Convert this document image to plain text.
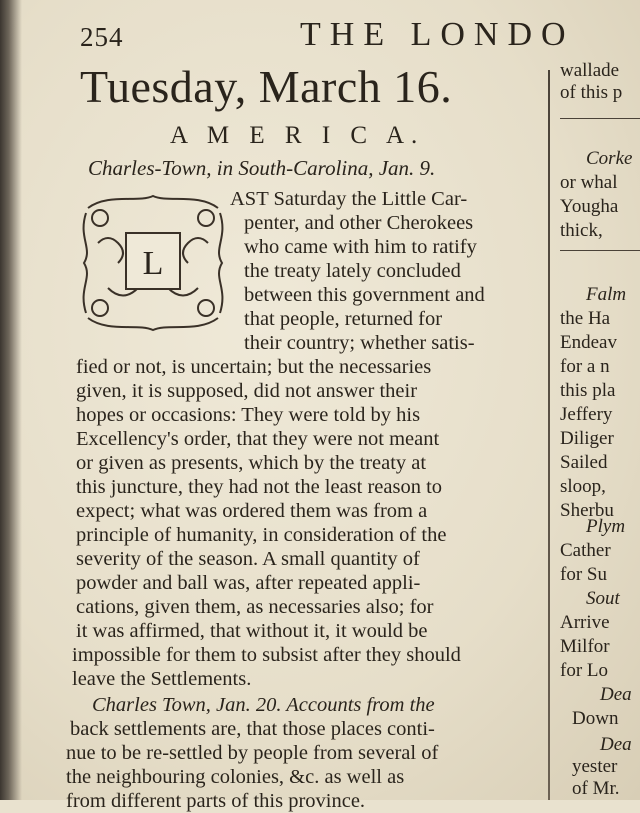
254	THE LONDO
Tuesday, March 16.
A M E R I C A.
Charles-Town, in South-Carolina, Jan. 9.
L
AST Saturday the Little Car-
penter, and other Cherokees
who came with him to ratify
the treaty lately concluded
between this government and
that people, returned for
their country; whether satis-
fied or not, is uncertain; but the necessaries
given, it is supposed, did not answer their
hopes or occasions: They were told by his
Excellency's order, that they were not meant
or given as presents, which by the treaty at
this juncture, they had not the least reason to
expect; what was ordered them was from a
principle of humanity, in consideration of the
severity of the season. A small quantity of
powder and ball was, after repeated appli-
cations, given them, as necessaries also; for
it was affirmed, that without it, it would be
impossible for them to subsist after they should
leave the Settlements.
Charles Town, Jan. 20. Accounts from the
back settlements are, that those places conti-
nue to be re-settled by people from several of
the neighbouring colonies, &c. as well as
from different parts of this province.
wallade
of this p
Corke
or whal
Yougha
thick,
Falm
the Ha
Endeav
for a n
this pla
Jeffery
Diliger
Sailed
sloop,
Sherbu
Plym
Cather
for Su
Sout
Arrive
Milfor
for Lo
Dea
Down
Dea
yester
of Mr.
